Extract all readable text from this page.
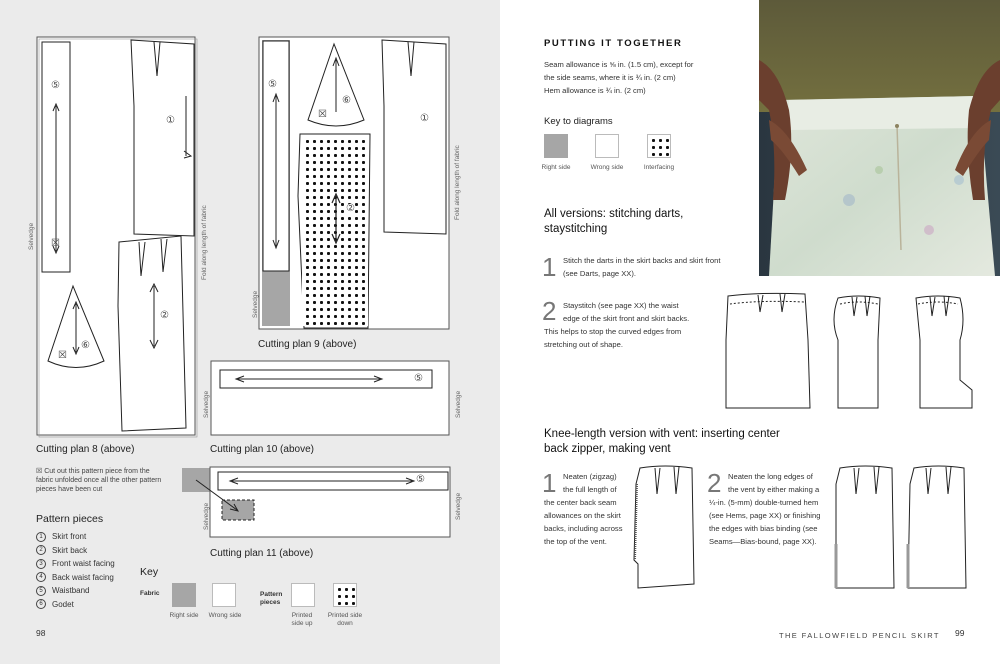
⑤
☒
①
②
⑥
☒
Selvedge	Fold along length of fabric
Cutting plan 8 (above)
⑤
☒
⑥
①
②
Selvedge
Fold along length of fabric
Cutting plan 9 (above)
⑤
Selvedge	Selvedge
Cutting plan 10 (above)
⑤
Selvedge	Selvedge
Cutting plan 11 (above)
☒ Cut out this pattern piece from the fabric unfolded once all the other pattern pieces have been cut
Pattern pieces
1	Skirt front
2	Skirt back
3	Front waist facing
4	Back waist facing
5	Waistband
6	Godet
Key
Fabric
Right side	Wrong side
Pattern pieces
Printed side up
Printed side down
98
PUTTING IT TOGETHER
Seam allowance is ⅝ in. (1.5 cm), except for
the side seams, where it is ¾ in. (2 cm)
Hem allowance is ¾ in. (2 cm)
Key to diagrams
Right side	Wrong side	Interfacing
All versions: stitching darts,
staystitching
1 Stitch the darts in the skirt backs and skirt front
(see Darts, page XX).
2 Staystitch (see page XX) the waist
edge of the skirt front and skirt backs.
This helps to stop the curved edges from
stretching out of shape.
Knee-length version with vent: inserting center
back zipper, making vent
1 Neaten (zigzag)
the full length of
the center back seam
allowances on the skirt
backs, including across
the top of the vent.
2 Neaten the long edges of
the vent by either making a
¼-in. (5-mm) double-turned hem
(see Hems, page XX) or finishing
the edges with bias binding (see
Seams—Bias-bound, page XX).
THE FALLOWFIELD PENCIL SKIRT 99
